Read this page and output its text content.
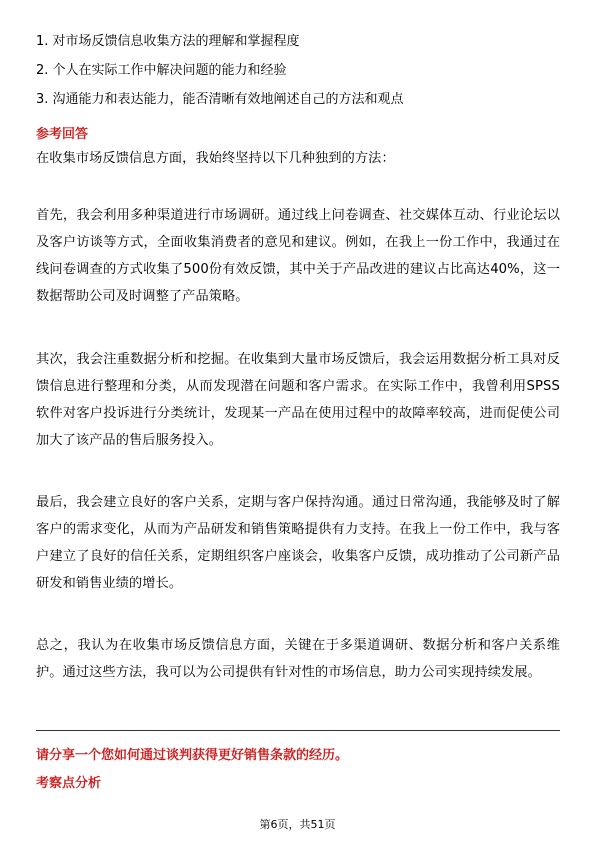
1. 对市场反馈信息收集方法的理解和掌握程度
2. 个人在实际工作中解决问题的能力和经验
3. 沟通能力和表达能力，能否清晰有效地阐述自己的方法和观点
参考回答
在收集市场反馈信息方面，我始终坚持以下几种独到的方法：
首先，我会利用多种渠道进行市场调研。通过线上问卷调查、社交媒体互动、行业论坛以及客户访谈等方式，全面收集消费者的意见和建议。例如，在我上一份工作中，我通过在线问卷调查的方式收集了500份有效反馈，其中关于产品改进的建议占比高达40%，这一数据帮助公司及时调整了产品策略。
其次，我会注重数据分析和挖掘。在收集到大量市场反馈后，我会运用数据分析工具对反馈信息进行整理和分类，从而发现潜在问题和客户需求。在实际工作中，我曾利用SPSS软件对客户投诉进行分类统计，发现某一产品在使用过程中的故障率较高，进而促使公司加大了该产品的售后服务投入。
最后，我会建立良好的客户关系，定期与客户保持沟通。通过日常沟通，我能够及时了解客户的需求变化，从而为产品研发和销售策略提供有力支持。在我上一份工作中，我与客户建立了良好的信任关系，定期组织客户座谈会，收集客户反馈，成功推动了公司新产品研发和销售业绩的增长。
总之，我认为在收集市场反馈信息方面，关键在于多渠道调研、数据分析和客户关系维护。通过这些方法，我可以为公司提供有针对性的市场信息，助力公司实现持续发展。
请分享一个您如何通过谈判获得更好销售条款的经历。
考察点分析
第6页，共51页
